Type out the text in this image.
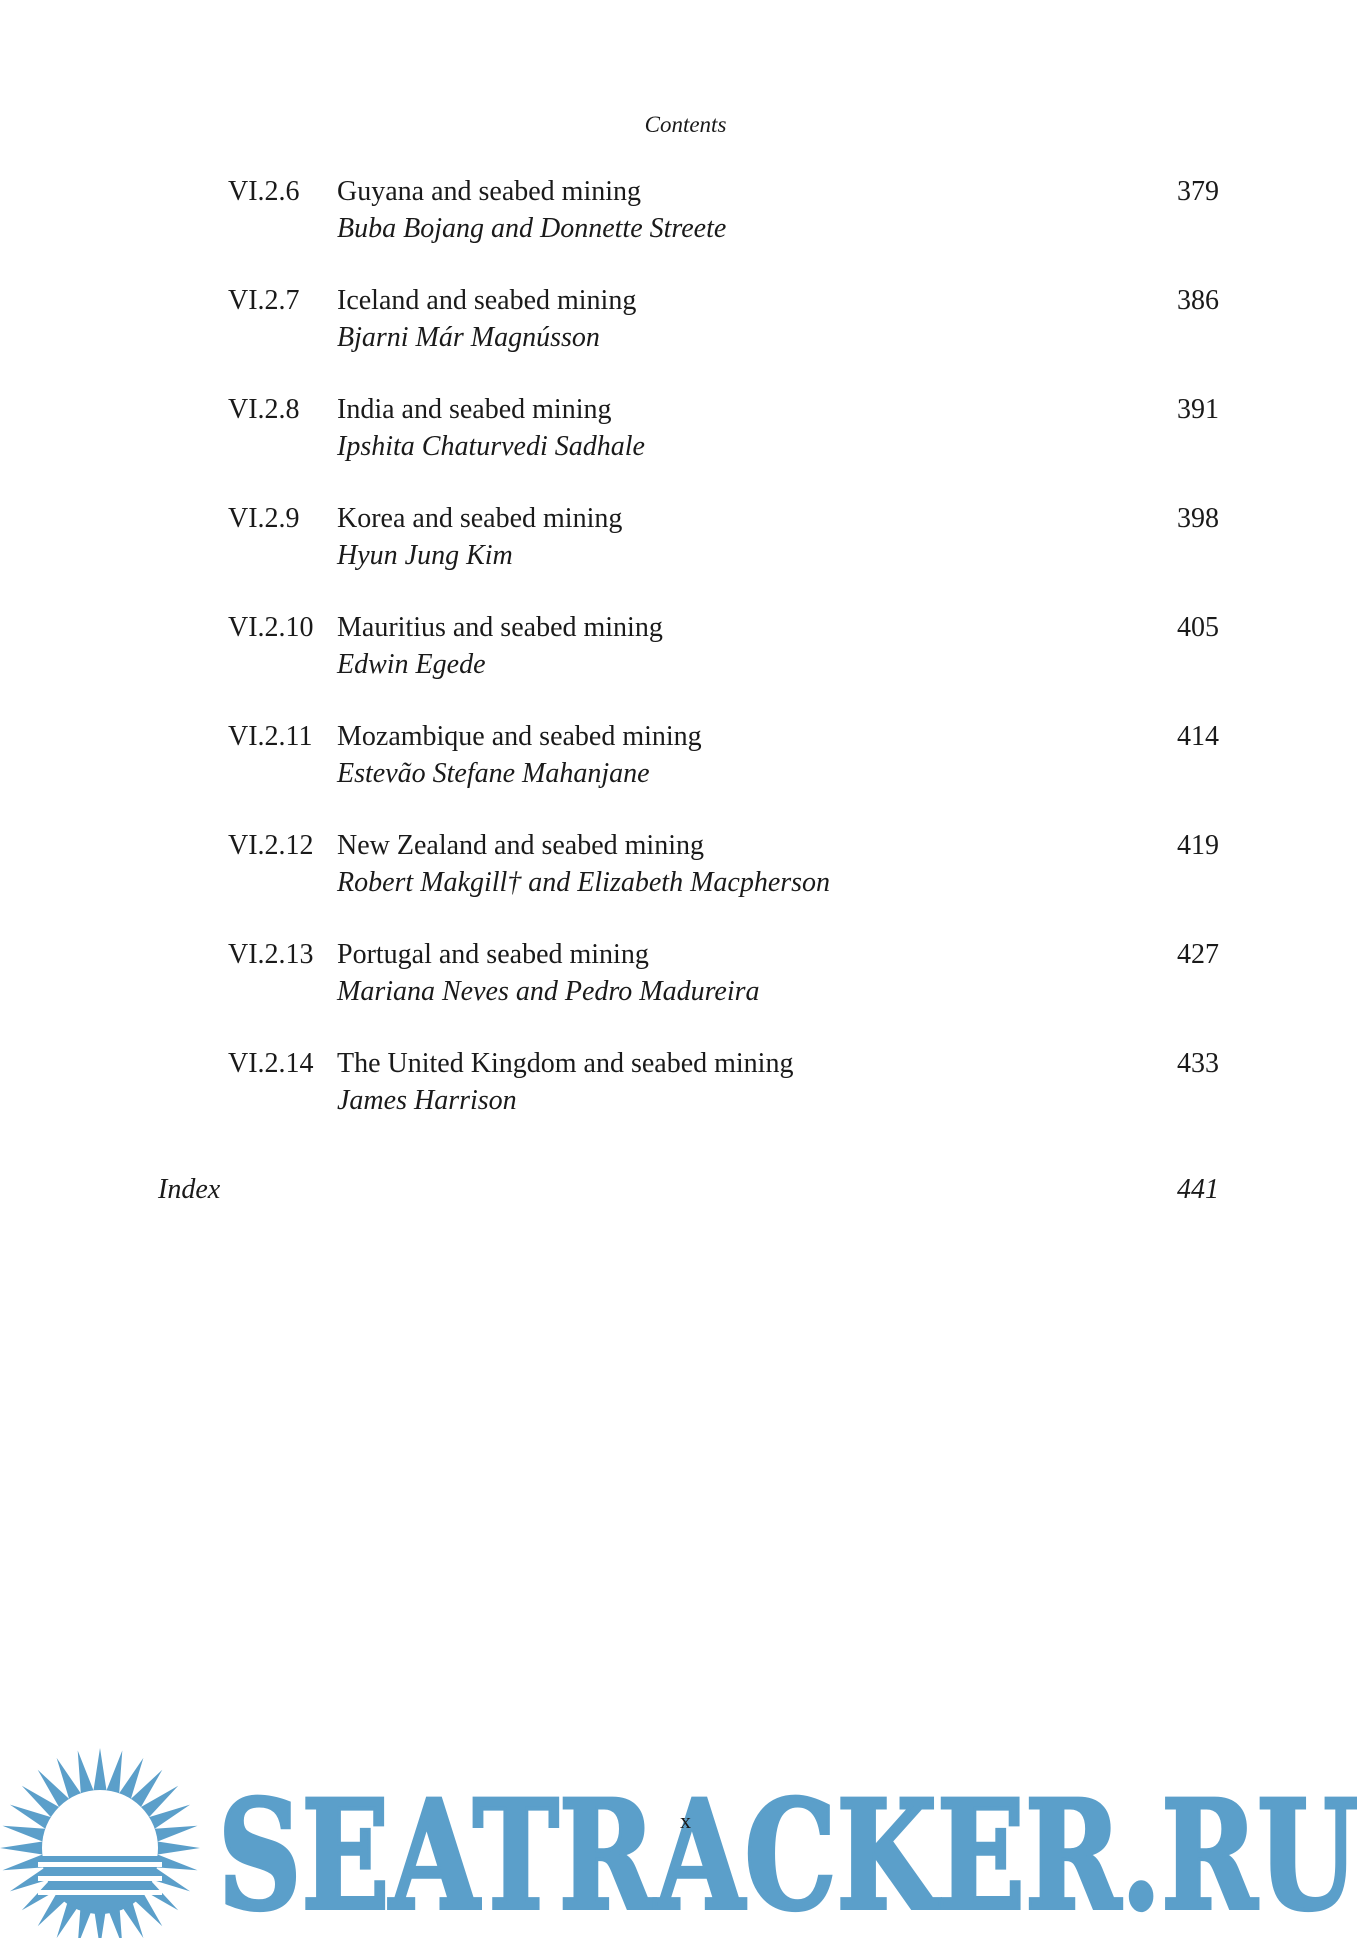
Contents
VI.2.6 Guyana and seabed mining
Buba Bojang and Donnette Streete
379
VI.2.7 Iceland and seabed mining
Bjarni Már Magnússon
386
VI.2.8 India and seabed mining
Ipshita Chaturvedi Sadhale
391
VI.2.9 Korea and seabed mining
Hyun Jung Kim
398
VI.2.10 Mauritius and seabed mining
Edwin Egede
405
VI.2.11 Mozambique and seabed mining
Estevão Stefane Mahanjane
414
VI.2.12 New Zealand and seabed mining
Robert Makgill† and Elizabeth Macpherson
419
VI.2.13 Portugal and seabed mining
Mariana Neves and Pedro Madureira
427
VI.2.14 The United Kingdom and seabed mining
James Harrison
433
Index	441
SEATRACKER.RU
x
